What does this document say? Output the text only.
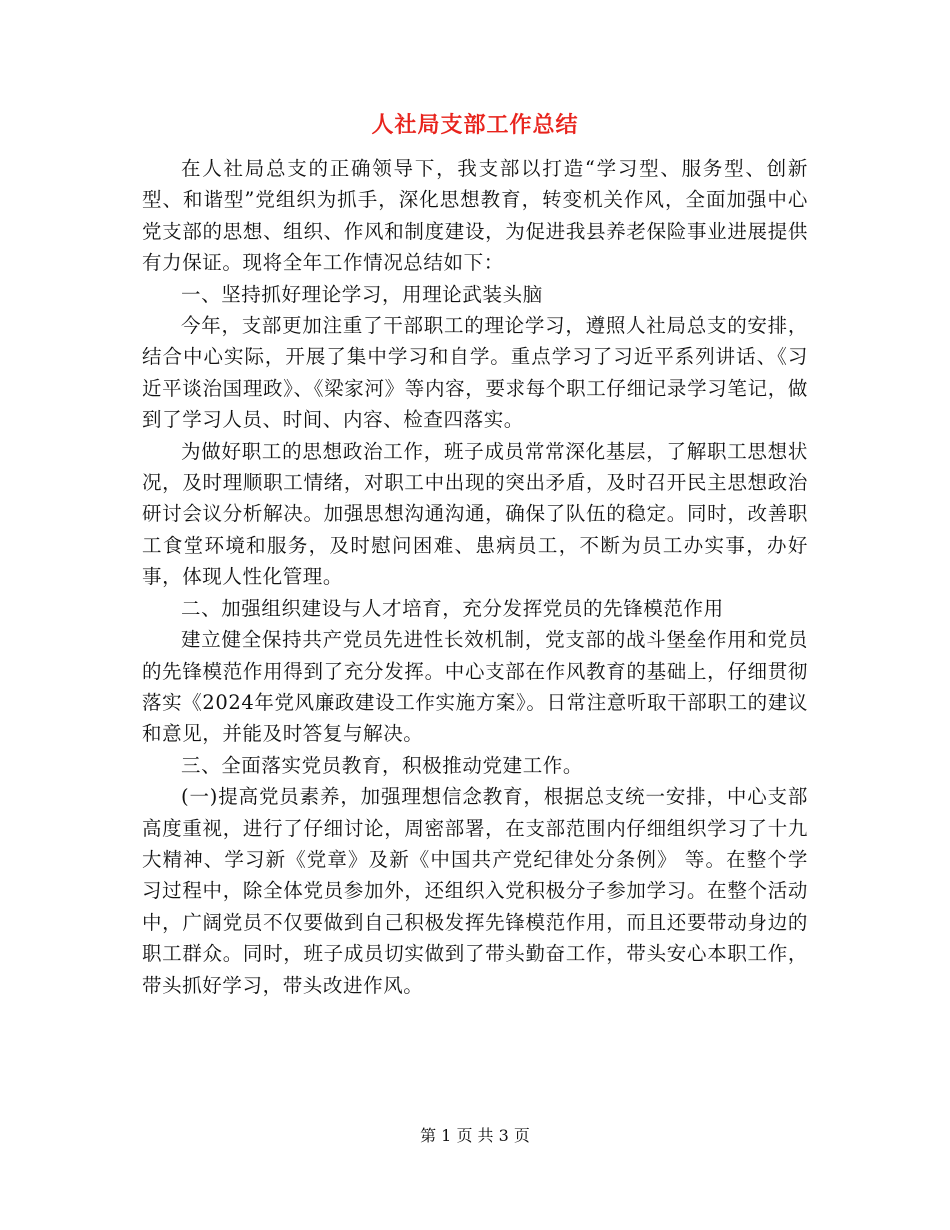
人社局支部工作总结

在人社局总支的正确领导下，我支部以打造“学习型、服务型、创新型、和谐型”党组织为抓手，深化思想教育，转变机关作风，全面加强中心党支部的思想、组织、作风和制度建设，为促进我县养老保险事业进展提供有力保证。现将全年工作情况总结如下：

一、坚持抓好理论学习，用理论武装头脑

今年，支部更加注重了干部职工的理论学习，遵照人社局总支的安排，结合中心实际，开展了集中学习和自学。重点学习了习近平系列讲话、《习近平谈治国理政》、《梁家河》等内容，要求每个职工仔细记录学习笔记，做到了学习人员、时间、内容、检查四落实。

为做好职工的思想政治工作，班子成员常常深化基层，了解职工思想状况，及时理顺职工情绪，对职工中出现的突出矛盾，及时召开民主思想政治研讨会议分析解决。加强思想沟通沟通，确保了队伍的稳定。同时，改善职工食堂环境和服务，及时慰问困难、患病员工，不断为员工办实事，办好事，体现人性化管理。

二、加强组织建设与人才培育，充分发挥党员的先锋模范作用

建立健全保持共产党员先进性长效机制，党支部的战斗堡垒作用和党员的先锋模范作用得到了充分发挥。中心支部在作风教育的基础上，仔细贯彻落实《2024年党风廉政建设工作实施方案》。日常注意听取干部职工的建议和意见，并能及时答复与解决。

三、全面落实党员教育，积极推动党建工作。

(一)提高党员素养，加强理想信念教育，根据总支统一安排，中心支部高度重视，进行了仔细讨论，周密部署，在支部范围内仔细组织学习了十九大精神、学习新《党章》及新《中国共产党纪律处分条例》 等。在整个学习过程中，除全体党员参加外，还组织入党积极分子参加学习。在整个活动中，广阔党员不仅要做到自己积极发挥先锋模范作用，而且还要带动身边的职工群众。同时，班子成员切实做到了带头勤奋工作，带头安心本职工作，带头抓好学习，带头改进作风。

第 1 页 共 3 页
